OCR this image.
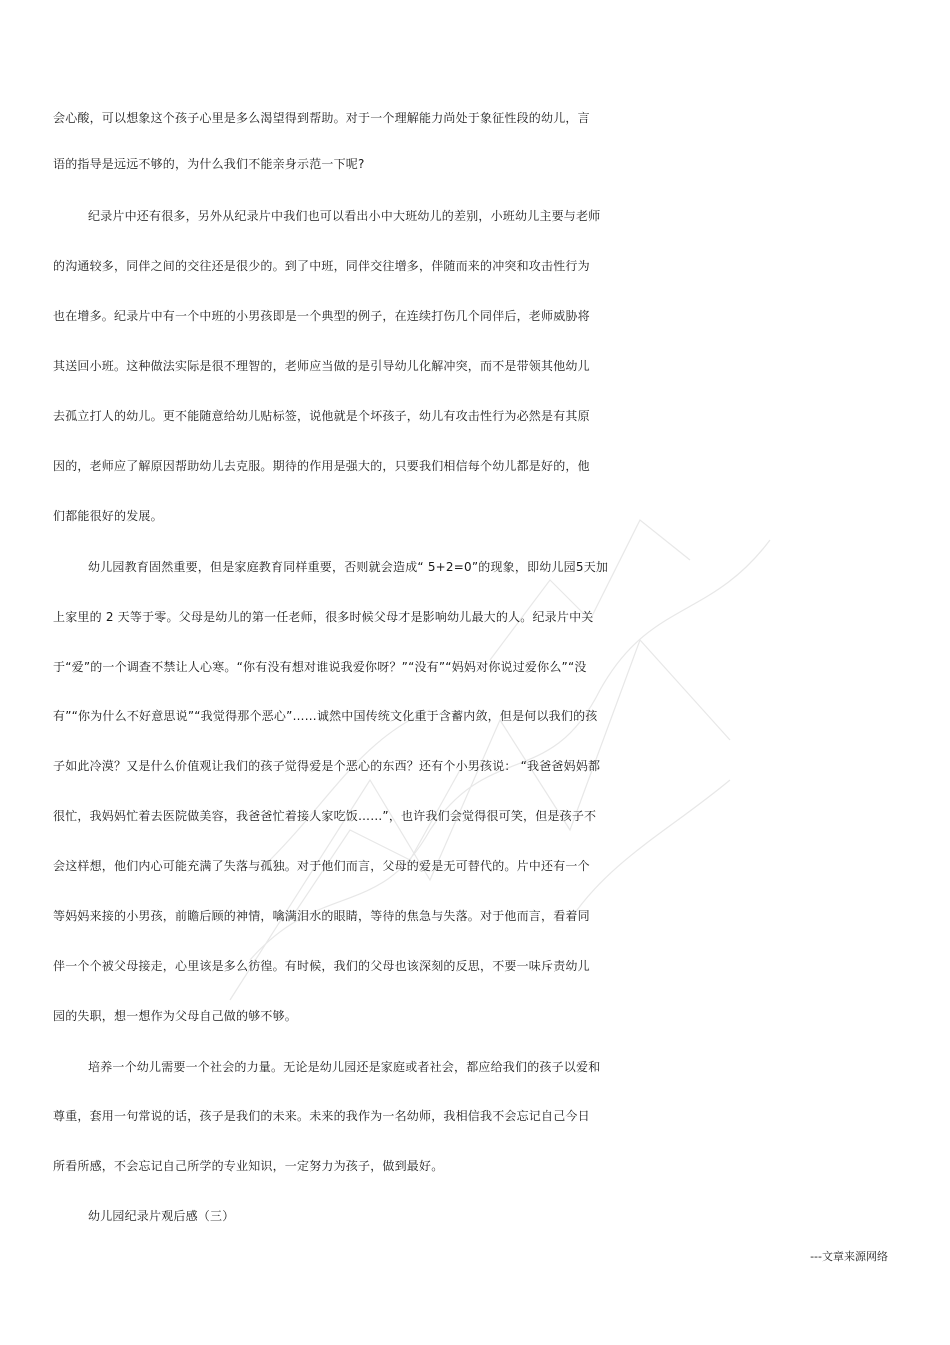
会心酸，可以想象这个孩子心里是多么渴望得到帮助。对于一个理解能力尚处于象征性段的幼儿，言
语的指导是远远不够的，为什么我们不能亲身示范一下呢?
纪录片中还有很多，另外从纪录片中我们也可以看出小中大班幼儿的差别，小班幼儿主要与老师
的沟通较多，同伴之间的交往还是很少的。到了中班，同伴交往增多，伴随而来的冲突和攻击性行为
也在增多。纪录片中有一个中班的小男孩即是一个典型的例子，在连续打伤几个同伴后，老师威胁将
其送回小班。这种做法实际是很不理智的，老师应当做的是引导幼儿化解冲突，而不是带领其他幼儿
去孤立打人的幼儿。更不能随意给幼儿贴标签，说他就是个坏孩子，幼儿有攻击性行为必然是有其原
因的，老师应了解原因帮助幼儿去克服。期待的作用是强大的，只要我们相信每个幼儿都是好的，他
们都能很好的发展。
幼儿园教育固然重要，但是家庭教育同样重要，否则就会造成“ 5+2=0”的现象，即幼儿园5天加
上家里的 2 天等于零。父母是幼儿的第一任老师，很多时候父母才是影响幼儿最大的人。纪录片中关
于“爱”的一个调查不禁让人心寒。“你有没有想对谁说我爱你呀？”“没有”“妈妈对你说过爱你么”“没
有”“你为什么不好意思说”“我觉得那个恶心”……诚然中国传统文化重于含蓄内敛，但是何以我们的孩
子如此冷漠？又是什么价值观让我们的孩子觉得爱是个恶心的东西？还有个小男孩说： “我爸爸妈妈都
很忙，我妈妈忙着去医院做美容，我爸爸忙着接人家吃饭……”，也许我们会觉得很可笑，但是孩子不
会这样想，他们内心可能充满了失落与孤独。对于他们而言，父母的爱是无可替代的。片中还有一个
等妈妈来接的小男孩，前瞻后顾的神情，噙满泪水的眼睛，等待的焦急与失落。对于他而言，看着同
伴一个个被父母接走，心里该是多么彷徨。有时候，我们的父母也该深刻的反思，不要一味斥责幼儿
园的失职，想一想作为父母自己做的够不够。
培养一个幼儿需要一个社会的力量。无论是幼儿园还是家庭或者社会，都应给我们的孩子以爱和
尊重，套用一句常说的话，孩子是我们的未来。未来的我作为一名幼师，我相信我不会忘记自己今日
所看所感，不会忘记自己所学的专业知识，一定努力为孩子，做到最好。
幼儿园纪录片观后感（三）
---文章来源网络
